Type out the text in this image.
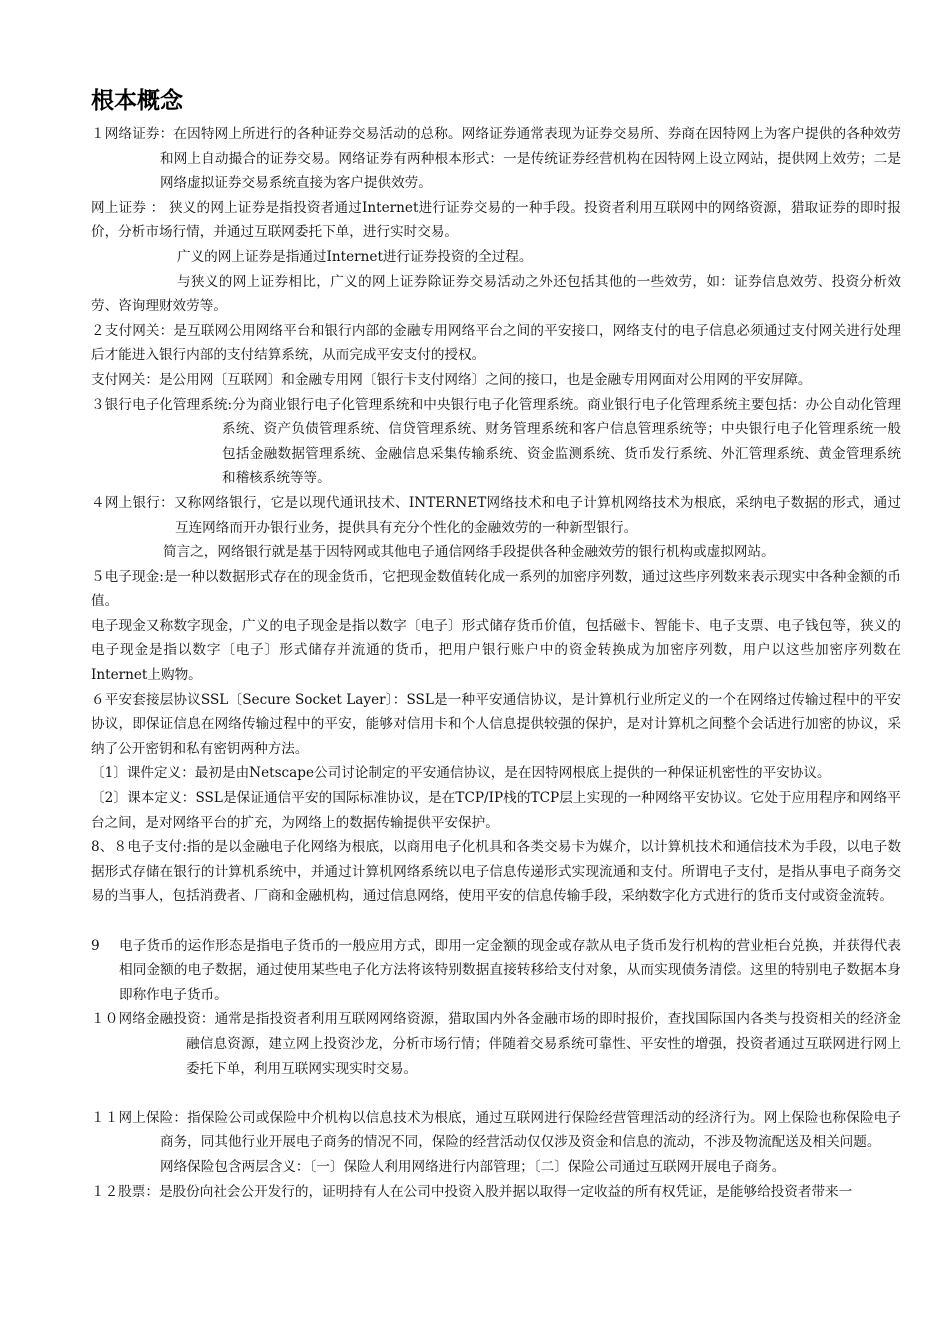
根本概念

１网络证券：在因特网上所进行的各种证券交易活动的总称。网络证券通常表现为证券交易所、券商在因特网上为客户提供的各种效劳和网上自动撮合的证券交易。网络证券有两种根本形式：一是传统证券经营机构在因特网上设立网站，提供网上效劳；二是网络虚拟证券交易系统直接为客户提供效劳。

网上证券 ： 狭义的网上证券是指投资者通过Internet进行证券交易的一种手段。投资者利用互联网中的网络资源，猎取证券的即时报价，分析市场行情，并通过互联网委托下单，进行实时交易。

广义的网上证券是指通过Internet进行证券投资的全过程。

与狭义的网上证券相比，广义的网上证券除证券交易活动之外还包括其他的一些效劳，如：证券信息效劳、投资分析效劳、咨询理财效劳等。

２支付网关：是互联网公用网络平台和银行内部的金融专用网络平台之间的平安接口，网络支付的电子信息必须通过支付网关进行处理后才能进入银行内部的支付结算系统，从而完成平安支付的授权。

支付网关：是公用网〔互联网〕和金融专用网〔银行卡支付网络〕之间的接口，也是金融专用网面对公用网的平安屏障。

３银行电子化管理系统:分为商业银行电子化管理系统和中央银行电子化管理系统。商业银行电子化管理系统主要包括：办公自动化管理系统、资产负债管理系统、信贷管理系统、财务管理系统和客户信息管理系统等；中央银行电子化管理系统一般包括金融数据管理系统、金融信息采集传输系统、资金监测系统、货币发行系统、外汇管理系统、黄金管理系统和稽核系统等等。

４网上银行：又称网络银行，它是以现代通讯技术、INTERNET网络技术和电子计算机网络技术为根底，采纳电子数据的形式，通过互连网络而开办银行业务，提供具有充分个性化的金融效劳的一种新型银行。

简言之，网络银行就是基于因特网或其他电子通信网络手段提供各种金融效劳的银行机构或虚拟网站。

５电子现金:是一种以数据形式存在的现金货币，它把现金数值转化成一系列的加密序列数，通过这些序列数来表示现实中各种金额的币值。

电子现金又称数字现金，广义的电子现金是指以数字〔电子〕形式储存货币价值，包括磁卡、智能卡、电子支票、电子钱包等，狭义的电子现金是指以数字〔电子〕形式储存并流通的货币，把用户银行账户中的资金转换成为加密序列数，用户以这些加密序列数在Internet上购物。

６平安套接层协议SSL〔Secure Socket Layer〕：SSL是一种平安通信协议，是计算机行业所定义的一个在网络过传输过程中的平安协议，即保证信息在网络传输过程中的平安，能够对信用卡和个人信息提供较强的保护，是对计算机之间整个会话进行加密的协议，采纳了公开密钥和私有密钥两种方法。

〔1〕课件定义：最初是由Netscape公司讨论制定的平安通信协议，是在因特网根底上提供的一种保证机密性的平安协议。

〔2〕课本定义：SSL是保证通信平安的国际标准协议，是在TCP/IP栈的TCP层上实现的一种网络平安协议。它处于应用程序和网络平台之间，是对网络平台的扩充，为网络上的数据传输提供平安保护。

8、８电子支付:指的是以金融电子化网络为根底，以商用电子化机具和各类交易卡为媒介，以计算机技术和通信技术为手段，以电子数据形式存储在银行的计算机系统中，并通过计算机网络系统以电子信息传递形式实现流通和支付。所谓电子支付，是指从事电子商务交易的当事人，包括消费者、厂商和金融机构，通过信息网络，使用平安的信息传输手段，采纳数字化方式进行的货币支付或资金流转。

9 电子货币的运作形态是指电子货币的一般应用方式，即用一定金额的现金或存款从电子货币发行机构的营业柜台兑换，并获得代表相同金额的电子数据，通过使用某些电子化方法将该特别数据直接转移给支付对象，从而实现债务清偿。这里的特别电子数据本身即称作电子货币。

１０网络金融投资：通常是指投资者利用互联网网络资源，猎取国内外各金融市场的即时报价，查找国际国内各类与投资相关的经济金融信息资源，建立网上投资沙龙，分析市场行情；伴随着交易系统可靠性、平安性的增强，投资者通过互联网进行网上委托下单，利用互联网实现实时交易。

１１网上保险：指保险公司或保险中介机构以信息技术为根底，通过互联网进行保险经营管理活动的经济行为。网上保险也称保险电子商务，同其他行业开展电子商务的情况不同，保险的经营活动仅仅涉及资金和信息的流动，不涉及物流配送及相关问题。

网络保险包含两层含义：〔一〕保险人利用网络进行内部管理；〔二〕保险公司通过互联网开展电子商务。

１２股票：是股份向社会公开发行的，证明持有人在公司中投资入股并据以取得一定收益的所有权凭证，是能够给投资者带来一
